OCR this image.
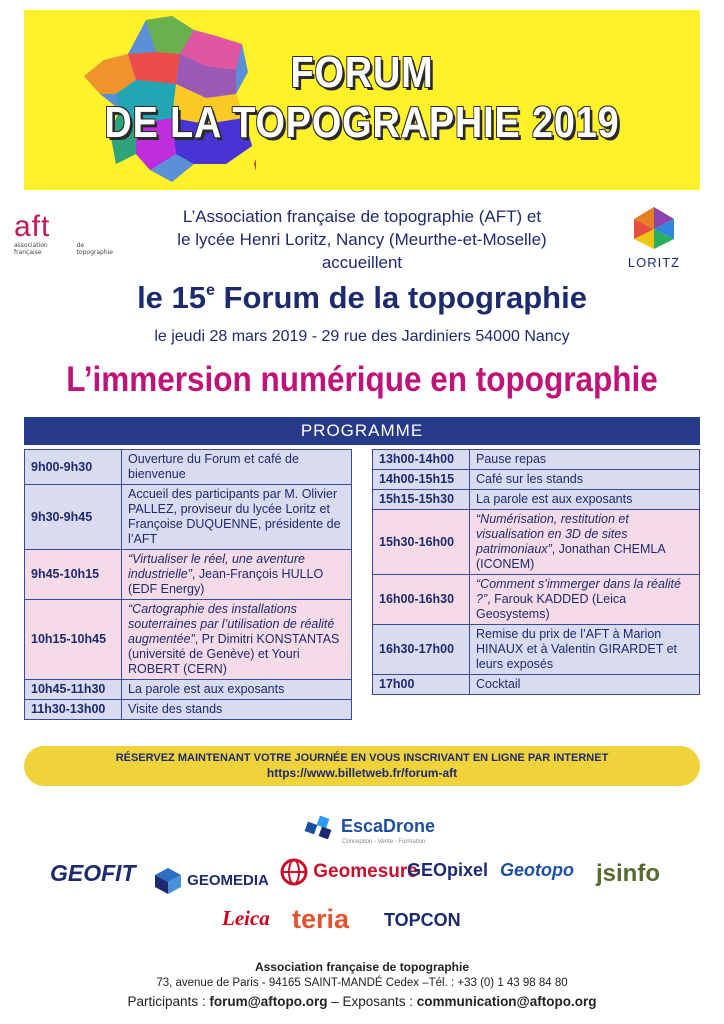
FORUM
DE LA TOPOGRAPHIE 2019
aft
association française
de topographie
LORITZ
L’Association française de topographie (AFT) et
le lycée Henri Loritz, Nancy (Meurthe-et-Moselle)
accueillent
le 15e Forum de la topographie
le jeudi 28 mars 2019 - 29 rue des Jardiniers 54000 Nancy
L’immersion numérique en topographie
PROGRAMME
9h00-9h30	Ouverture du Forum et café de bienvenue
9h30-9h45	Accueil des participants par M. Olivier PALLEZ, proviseur du lycée Loritz et Françoise DUQUENNE, présidente de l’AFT
9h45-10h15	“Virtualiser le réel, une aventure industrielle”, Jean-François HULLO (EDF Energy)
10h15-10h45	“Cartographie des installations souterraines par l’utilisation de réalité augmentée”, Pr Dimitri KONSTANTAS (université de Genève) et Youri ROBERT (CERN)
10h45-11h30	La parole est aux exposants
11h30-13h00	Visite des stands
13h00-14h00	Pause repas
14h00-15h15	Café sur les stands
15h15-15h30	La parole est aux exposants
15h30-16h00	“Numérisation, restitution et visualisation en 3D de sites patrimoniaux”, Jonathan CHEMLA (ICONEM)
16h00-16h30	“Comment s’immerger dans la réalité ?”, Farouk KADDED (Leica Geosystems)
16h30-17h00	Remise du prix de l’AFT à Marion HINAUX et à Valentin GIRARDET et leurs exposés
17h00	Cocktail
RÉSERVEZ MAINTENANT VOTRE JOURNÉE EN VOUS INSCRIVANT EN LIGNE PAR INTERNET
https://www.billetweb.fr/forum-aft
EscaDrone
Conception - Vente - Formation
GEOFIT	GEOMEDIA	Geomesure
GEOpixel Geotopo jsinfo
Leica teria TOPCON
Association française de topographie
73, avenue de Paris - 94165 SAINT-MANDÉ Cedex –Tél. : +33 (0) 1 43 98 84 80
Participants : forum@aftopo.org – Exposants : communication@aftopo.org
